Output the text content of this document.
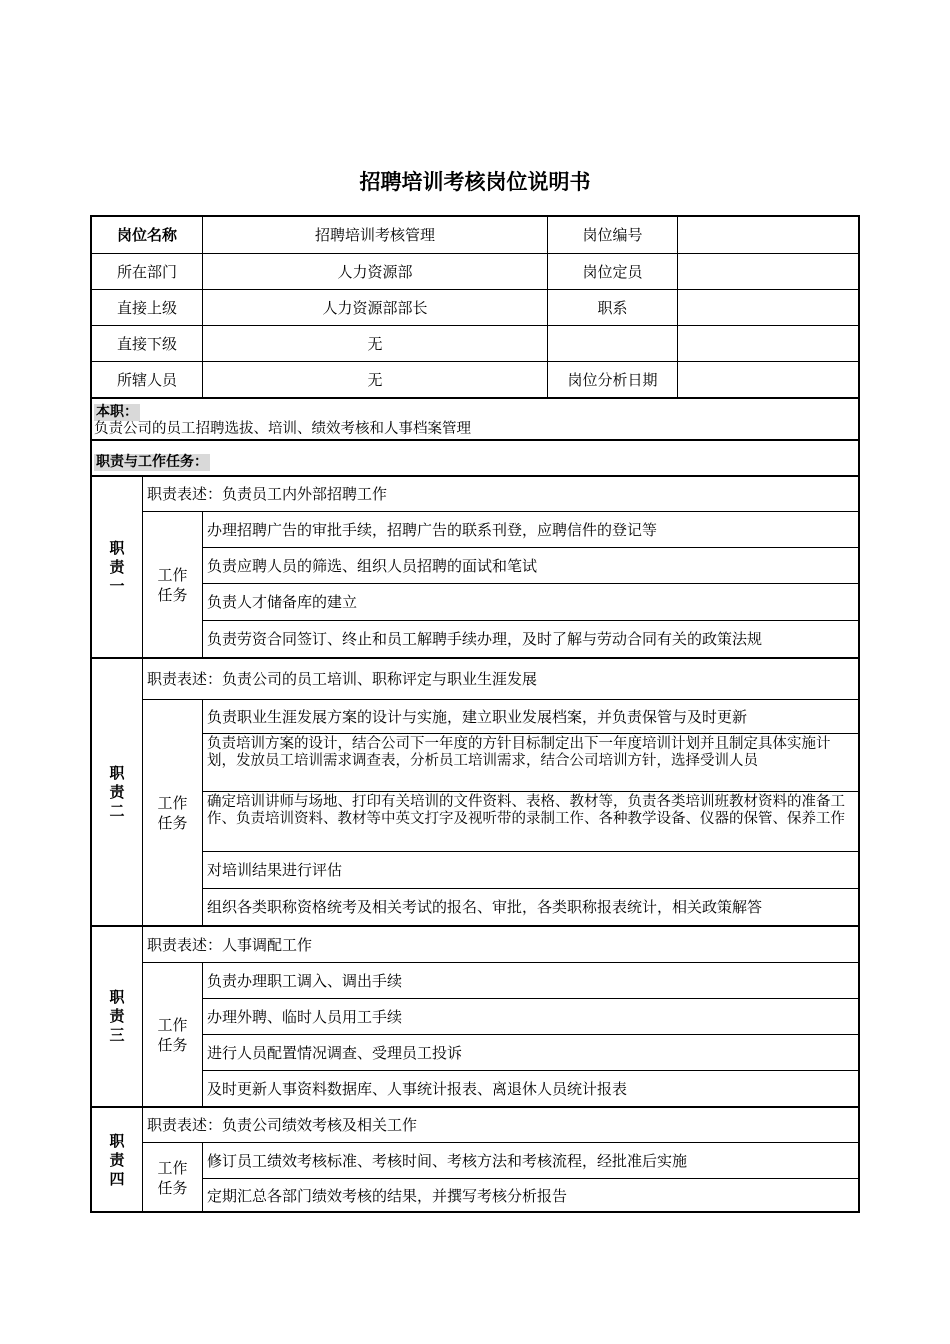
招聘培训考核岗位说明书
岗位名称	招聘培训考核管理	岗位编号
所在部门	人力资源部	岗位定员
直接上级	人力资源部部长	职系
直接下级	无
所辖人员	无	岗位分析日期
本职：
负责公司的员工招聘选拔、培训、绩效考核和人事档案管理
职责与工作任务：
职责一
职责表述：负责员工内外部招聘工作
工作任务
办理招聘广告的审批手续，招聘广告的联系刊登，应聘信件的登记等
负责应聘人员的筛选、组织人员招聘的面试和笔试
负责人才储备库的建立
负责劳资合同签订、终止和员工解聘手续办理，及时了解与劳动合同有关的政策法规
职责二
职责表述：负责公司的员工培训、职称评定与职业生涯发展
工作任务
负责职业生涯发展方案的设计与实施，建立职业发展档案，并负责保管与及时更新
负责培训方案的设计，结合公司下一年度的方针目标制定出下一年度培训计划并且制定具体实施计划，发放员工培训需求调查表，分析员工培训需求，结合公司培训方针，选择受训人员
确定培训讲师与场地、打印有关培训的文件资料、表格、教材等，负责各类培训班教材资料的准备工作、负责培训资料、教材等中英文打字及视听带的录制工作、各种教学设备、仪器的保管、保养工作
对培训结果进行评估
组织各类职称资格统考及相关考试的报名、审批，各类职称报表统计，相关政策解答
职责三
职责表述：人事调配工作
工作任务
负责办理职工调入、调出手续
办理外聘、临时人员用工手续
进行人员配置情况调查、受理员工投诉
及时更新人事资料数据库、人事统计报表、离退休人员统计报表
职责四
职责表述：负责公司绩效考核及相关工作
工作任务
修订员工绩效考核标准、考核时间、考核方法和考核流程，经批准后实施
定期汇总各部门绩效考核的结果，并撰写考核分析报告
